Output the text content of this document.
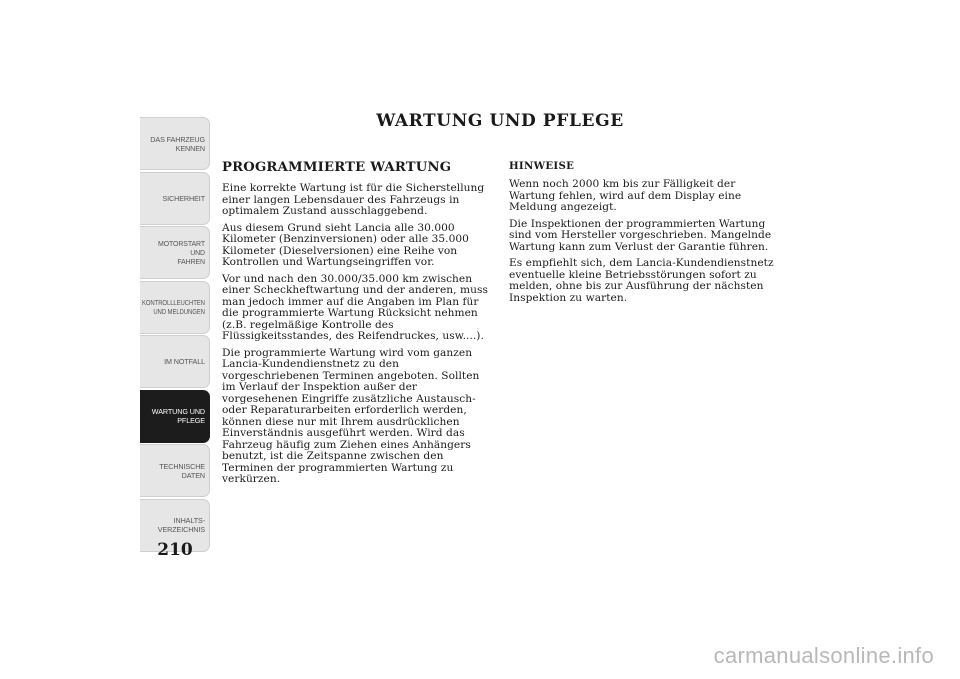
DAS FAHRZEUG
KENNEN
SICHERHEIT
MOTORSTART UND
FAHREN
KONTROLLLEUCHTEN
UND MELDUNGEN
IM NOTFALL
WARTUNG UND
PFLEGE
TECHNISCHE
DATEN
INHALTS-
VERZEICHNIS
210
WARTUNG UND PFLEGE
PROGRAMMIERTE WARTUNG

Eine korrekte Wartung ist für die Sicherstellung einer langen Lebensdauer des Fahrzeugs in optimalem Zustand ausschlaggebend.

Aus diesem Grund sieht Lancia alle 30.000 Kilometer (Benzinversionen) oder alle 35.000 Kilometer (Dieselversionen) eine Reihe von Kontrollen und Wartungseingriffen vor.

Vor und nach den 30.000/35.000 km zwischen einer Scheckheftwartung und der anderen, muss man jedoch immer auf die Angaben im Plan für die programmierte Wartung Rücksicht nehmen (z.B. regelmäßige Kontrolle des Flüssigkeitsstandes, des Reifendruckes, usw....).

Die programmierte Wartung wird vom ganzen Lancia-Kundendienstnetz zu den vorgeschriebenen Terminen angeboten. Sollten im Verlauf der Inspektion außer der vorgesehenen Eingriffe zusätzliche Austausch- oder Reparaturarbeiten erforderlich werden, können diese nur mit Ihrem ausdrücklichen Einverständnis ausgeführt werden. Wird das Fahrzeug häufig zum Ziehen eines Anhängers benutzt, ist die Zeitspanne zwischen den Terminen der programmierten Wartung zu verkürzen.

HINWEISE

Wenn noch 2000 km bis zur Fälligkeit der Wartung fehlen, wird auf dem Display eine Meldung angezeigt.

Die Inspektionen der programmierten Wartung sind vom Hersteller vorgeschrieben. Mangelnde Wartung kann zum Verlust der Garantie führen.

Es empfiehlt sich, dem Lancia-Kundendienstnetz eventuelle kleine Betriebsstörungen sofort zu melden, ohne bis zur Ausführung der nächsten Inspektion zu warten.

carmanualsonline.info
